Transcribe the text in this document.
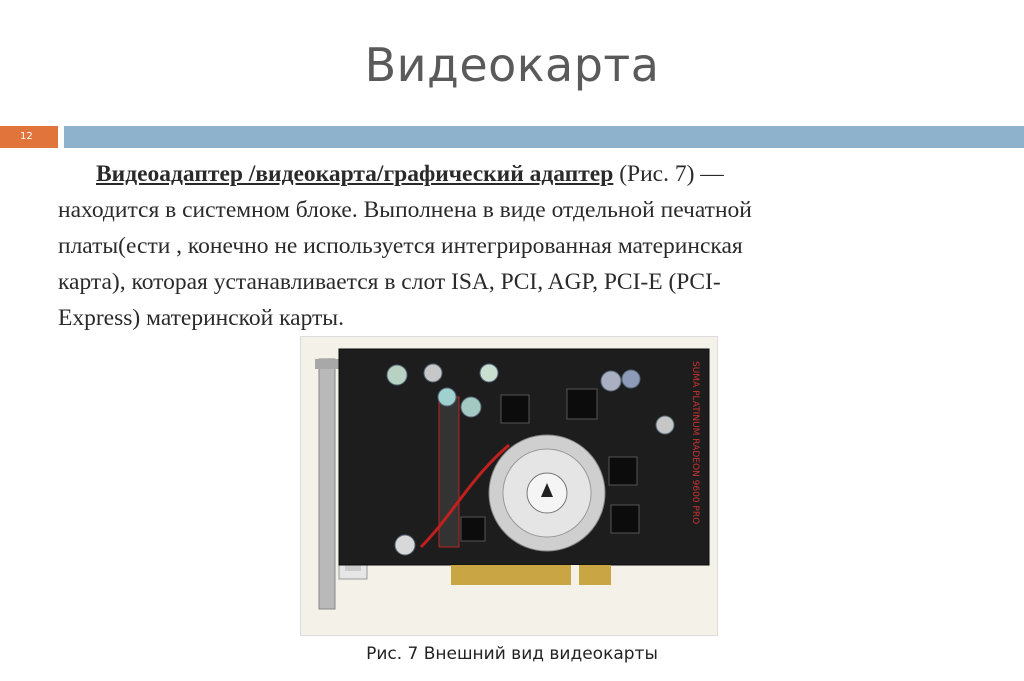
Видеокарта
12
Видеоадаптер /видеокарта/графический адаптер (Рис. 7) —
находится в системном блоке. Выполнена в виде отдельной печатной
платы(ести , конечно не используется интегрированная материнская
карта), которая устанавливается в слот ISA, PCI, AGP, PCI-E (PCI-
Express) материнской карты.
SUMA PLATINUM RADEON 9600 PRO
Рис. 7 Внешний вид видеокарты
